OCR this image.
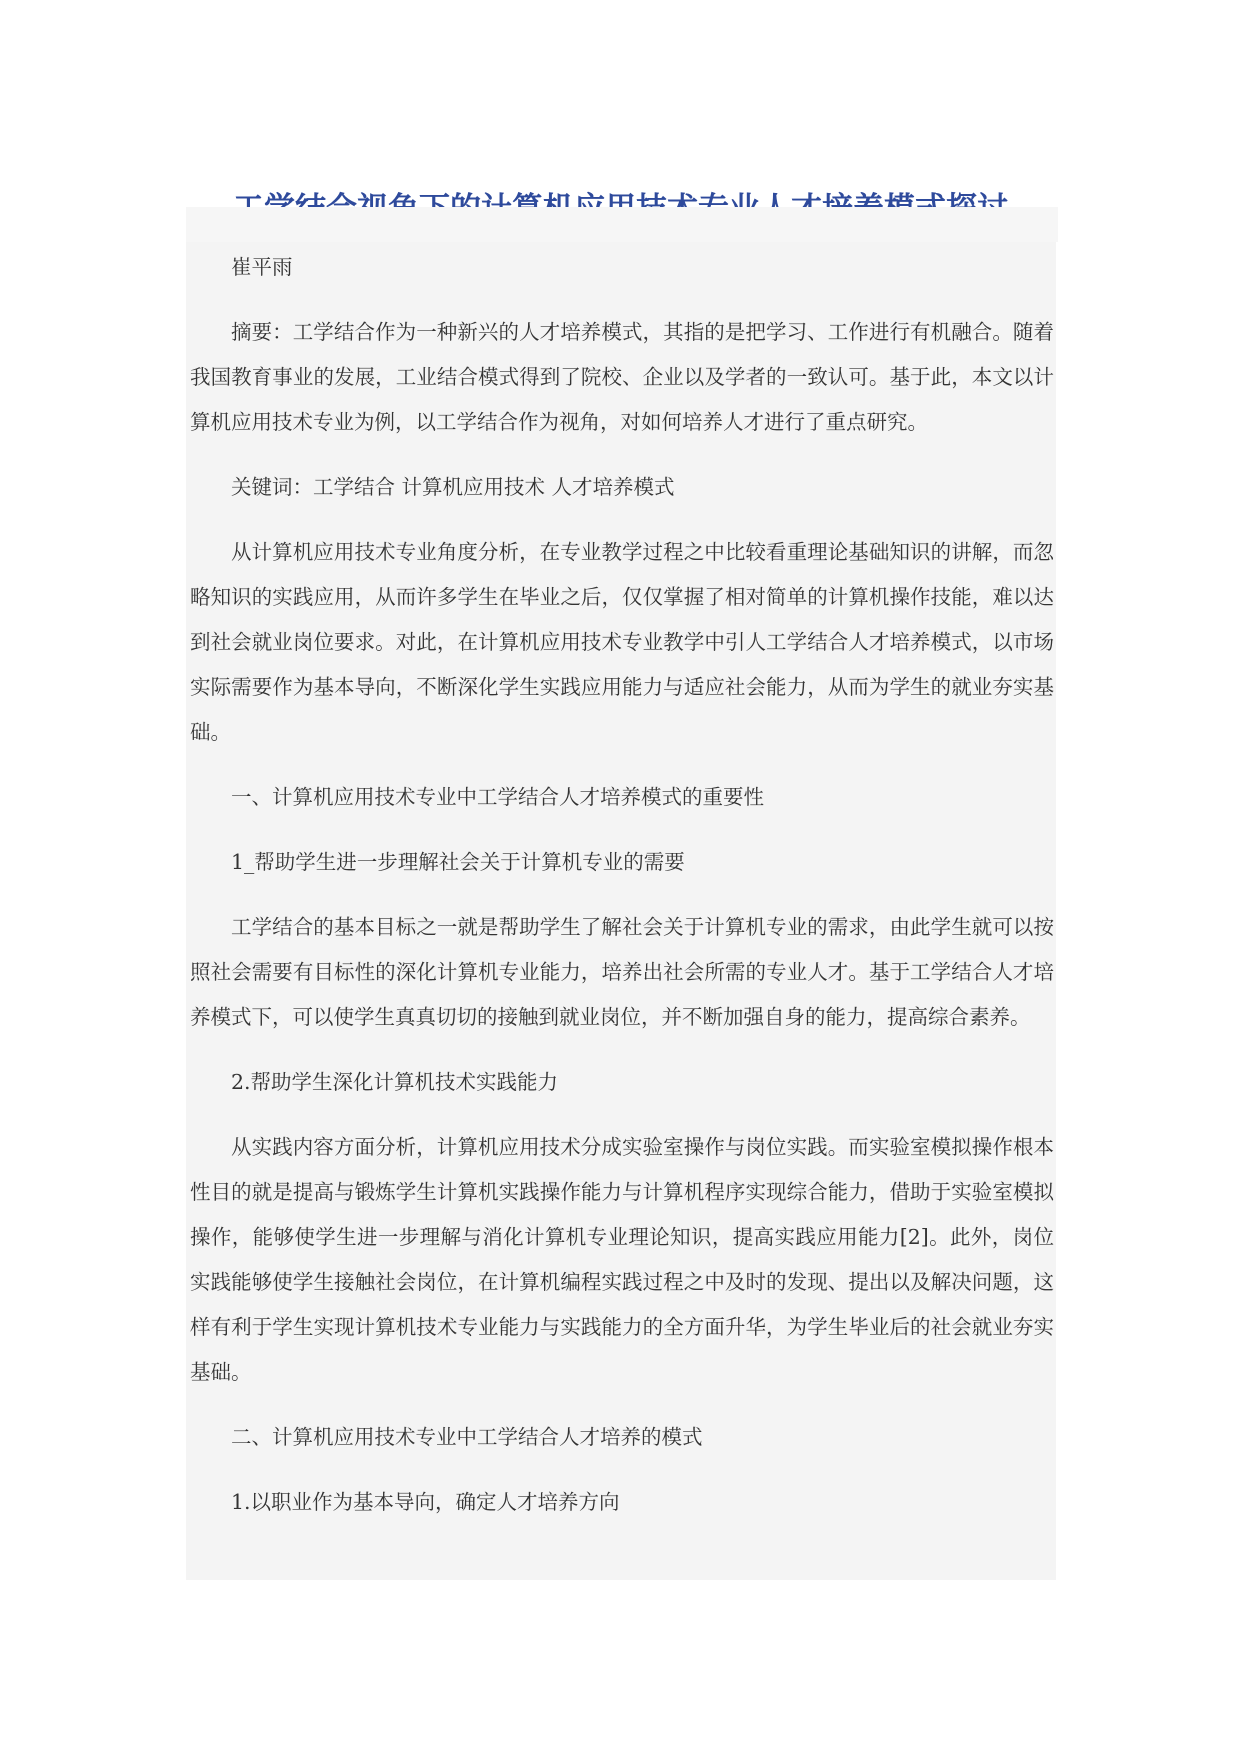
崔平雨

摘要：工学结合作为一种新兴的人才培养模式，其指的是把学习、工作进行有机融合。随着我国教育事业的发展，工业结合模式得到了院校、企业以及学者的一致认可。基于此，本文以计算机应用技术专业为例，以工学结合作为视角，对如何培养人才进行了重点研究。

关键词：工学结合 计算机应用技术 人才培养模式

从计算机应用技术专业角度分析，在专业教学过程之中比较看重理论基础知识的讲解，而忽略知识的实践应用，从而许多学生在毕业之后，仅仅掌握了相对简单的计算机操作技能，难以达到社会就业岗位要求。对此，在计算机应用技术专业教学中引人工学结合人才培养模式，以市场实际需要作为基本导向，不断深化学生实践应用能力与适应社会能力，从而为学生的就业夯实基础。

一、计算机应用技术专业中工学结合人才培养模式的重要性

1_帮助学生进一步理解社会关于计算机专业的需要

工学结合的基本目标之一就是帮助学生了解社会关于计算机专业的需求，由此学生就可以按照社会需要有目标性的深化计算机专业能力，培养出社会所需的专业人才。基于工学结合人才培养模式下，可以使学生真真切切的接触到就业岗位，并不断加强自身的能力，提高综合素养。

2.帮助学生深化计算机技术实践能力

从实践内容方面分析，计算机应用技术分成实验室操作与岗位实践。而实验室模拟操作根本性目的就是提高与锻炼学生计算机实践操作能力与计算机程序实现综合能力，借助于实验室模拟操作，能够使学生进一步理解与消化计算机专业理论知识，提高实践应用能力[2]。此外，岗位实践能够使学生接触社会岗位，在计算机编程实践过程之中及时的发现、提出以及解决问题，这样有利于学生实现计算机技术专业能力与实践能力的全方面升华，为学生毕业后的社会就业夯实基础。

二、计算机应用技术专业中工学结合人才培养的模式

1.以职业作为基本导向，确定人才培养方向
